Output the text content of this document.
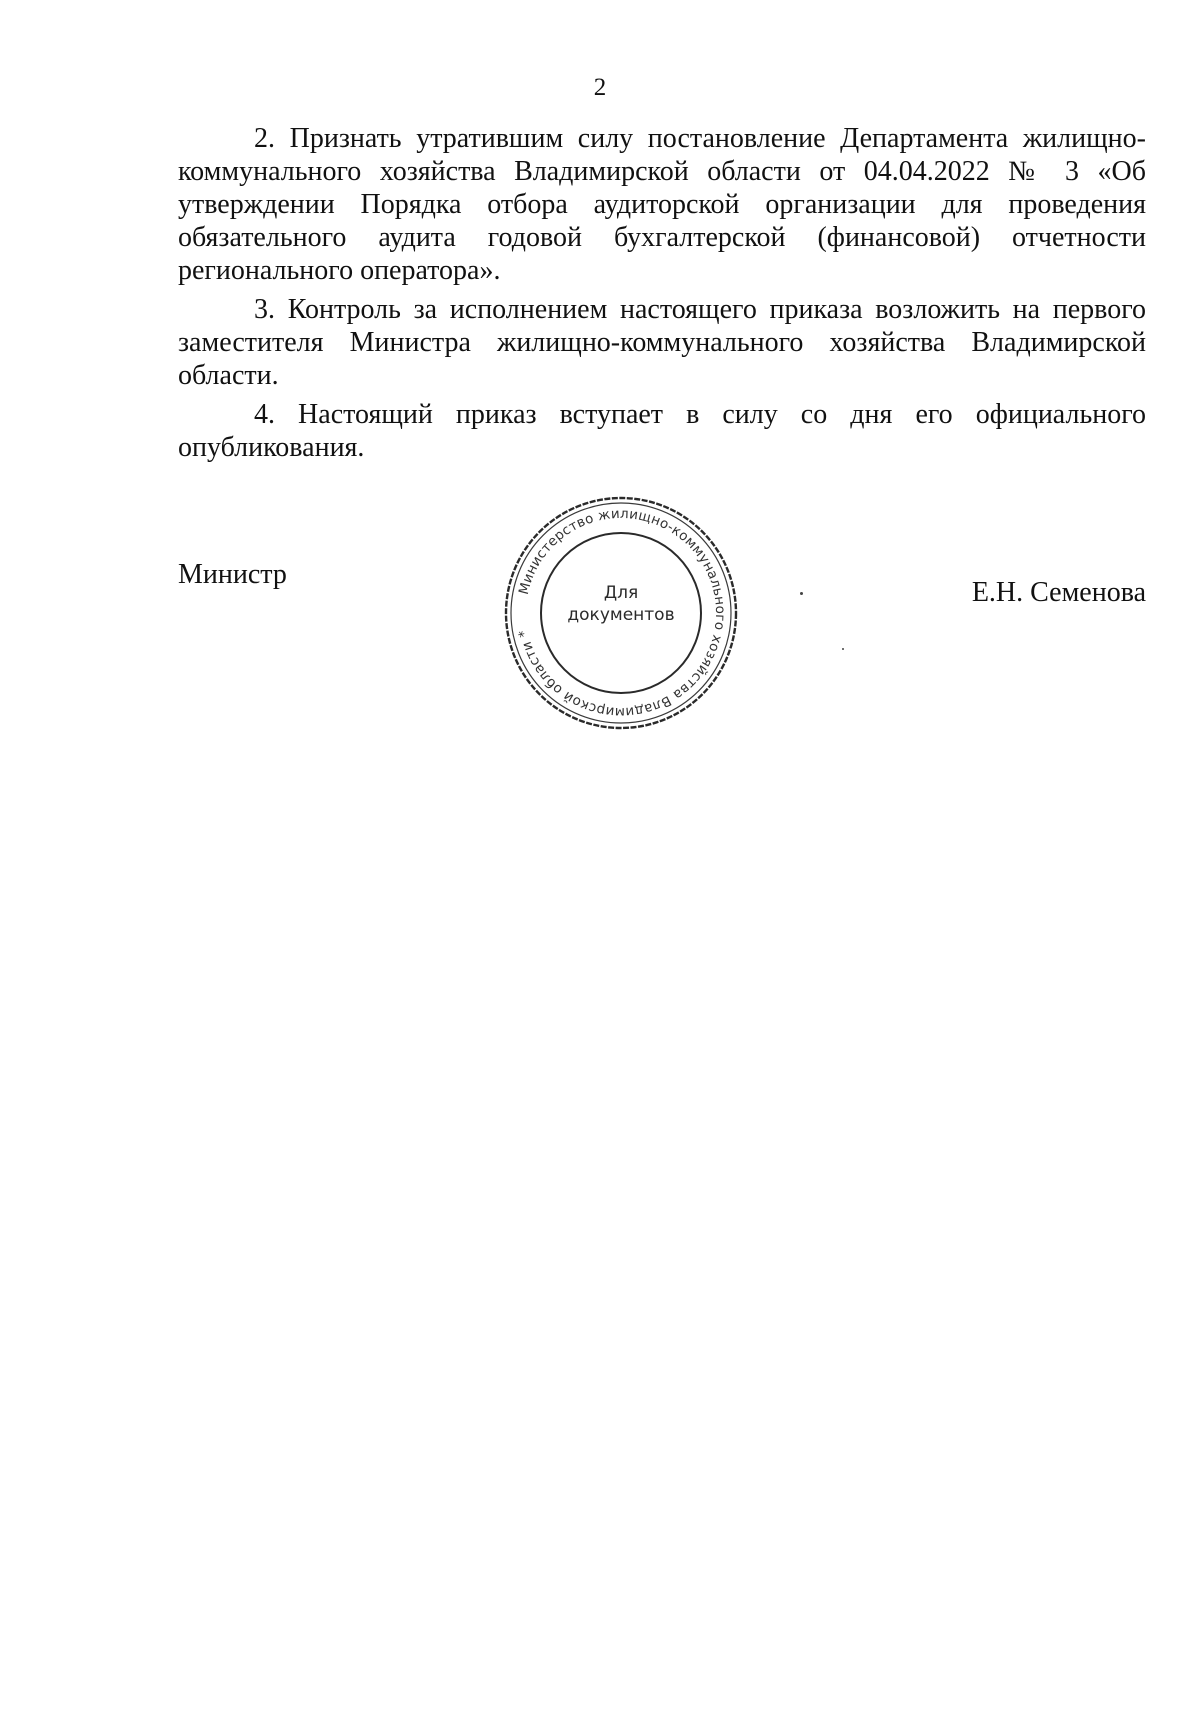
2

2. Признать утратившим силу постановление Департамента жилищно-коммунального хозяйства Владимирской области от 04.04.2022 № 3 «Об утверждении Порядка отбора аудиторской организации для проведения обязательного аудита годовой бухгалтерской (финансовой) отчетности регионального оператора».

3. Контроль за исполнением настоящего приказа возложить на первого заместителя Министра жилищно-коммунального хозяйства Владимирской области.

4. Настоящий приказ вступает в силу со дня его официального опубликования.

Министр
Е.Н. Семенова
Министерство жилищно-коммунального хозяйства Владимирской области *
Для
документов
